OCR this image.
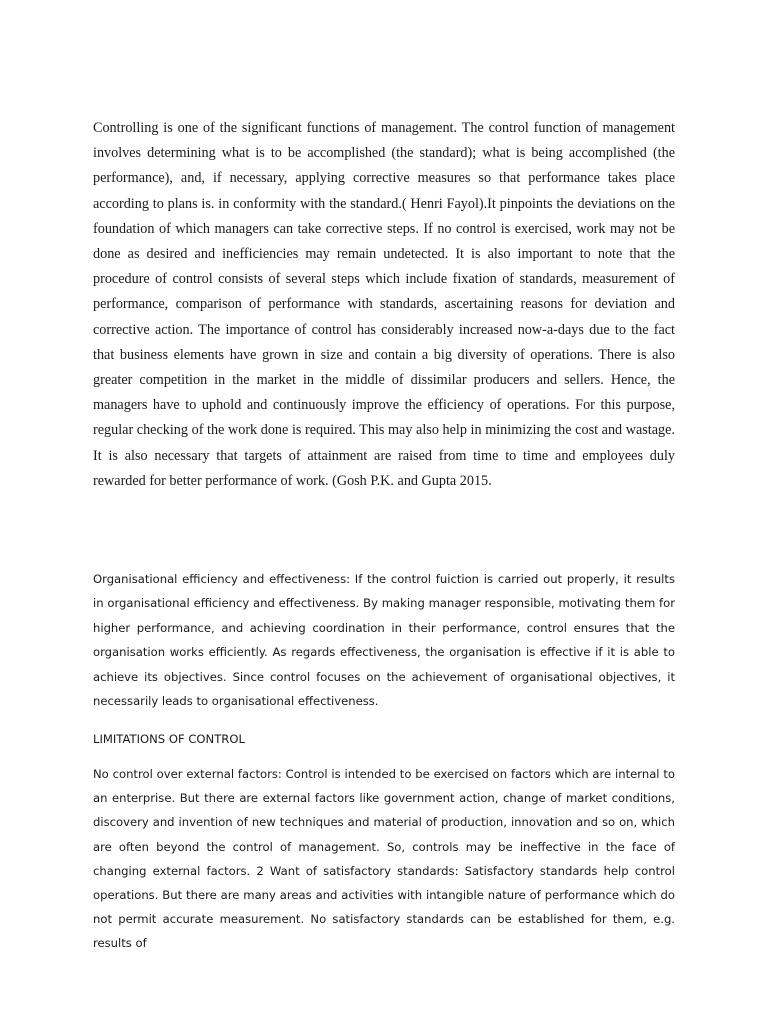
Controlling is one of the significant functions of management. The control function of management involves determining what is to be accomplished (the standard); what is being accomplished (the performance), and, if necessary, applying corrective measures so that performance takes place according to plans is. in conformity with the standard.( Henri Fayol).It pinpoints the deviations on the foundation of which managers can take corrective steps. If no control is exercised, work may not be done as desired and inefficiencies may remain undetected. It is also important to note that the procedure of control consists of several steps which include fixation of standards, measurement of performance, comparison of performance with standards, ascertaining reasons for deviation and corrective action. The importance of control has considerably increased now-a-days due to the fact that business elements have grown in size and contain a big diversity of operations. There is also greater competition in the market in the middle of dissimilar producers and sellers. Hence, the managers have to uphold and continuously improve the efficiency of operations. For this purpose, regular checking of the work done is required. This may also help in minimizing the cost and wastage. It is also necessary that targets of attainment are raised from time to time and employees duly rewarded for better performance of work. (Gosh P.K. and Gupta 2015.

Organisational efficiency and effectiveness: If the control fuiction is carried out properly, it results in organisational efficiency and effectiveness. By making manager responsible, motivating them for higher performance, and achieving coordination in their performance, control ensures that the organisation works efficiently. As regards effectiveness, the organisation is effective if it is able to achieve its objectives. Since control focuses on the achievement of organisational objectives, it necessarily leads to organisational effectiveness.

LIMITATIONS OF CONTROL

No control over external factors: Control is intended to be exercised on factors which are internal to an enterprise. But there are external factors like government action, change of market conditions, discovery and invention of new techniques and material of production, innovation and so on, which are often beyond the control of management. So, controls may be ineffective in the face of changing external factors. 2 Want of satisfactory standards: Satisfactory standards help control operations. But there are many areas and activities with intangible nature of performance which do not permit accurate measurement. No satisfactory standards can be established for them, e.g. results of
